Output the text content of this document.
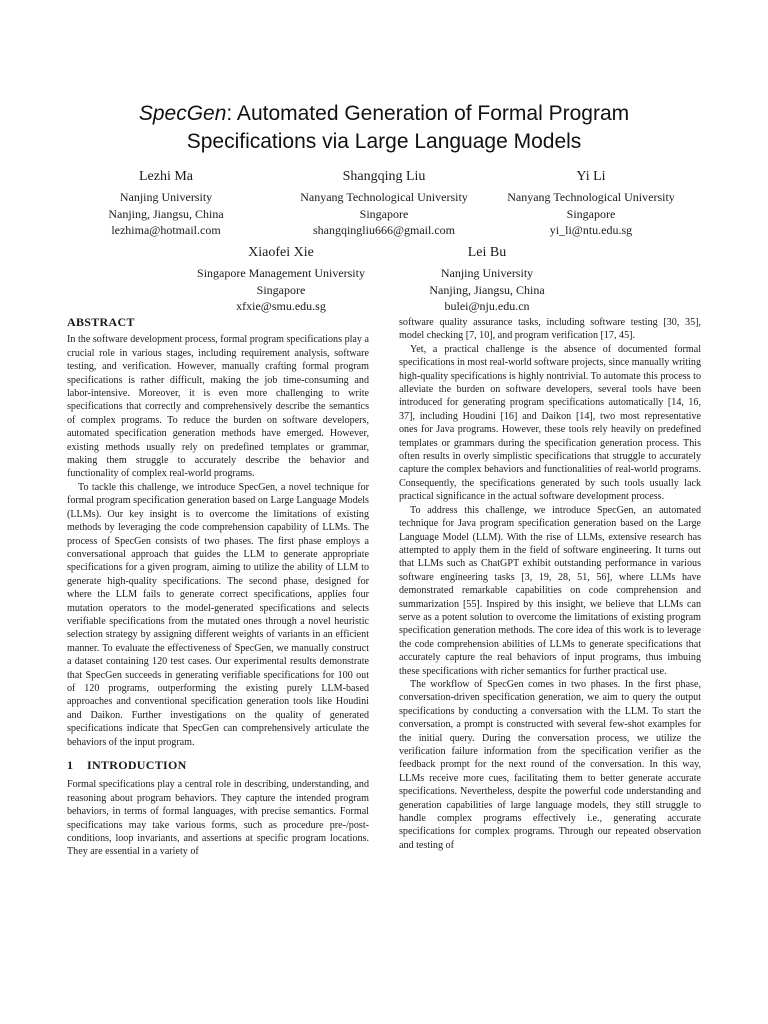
SpecGen: Automated Generation of Formal Program
Specifications via Large Language Models
Lezhi Ma
Nanjing University
Nanjing, Jiangsu, China
lezhima@hotmail.com
Shangqing Liu
Nanyang Technological University
Singapore
shangqingliu666@gmail.com
Yi Li
Nanyang Technological University
Singapore
yi_li@ntu.edu.sg
Xiaofei Xie
Singapore Management University
Singapore
xfxie@smu.edu.sg
Lei Bu
Nanjing University
Nanjing, Jiangsu, China
bulei@nju.edu.cn
ABSTRACT

In the software development process, formal program specifications play a crucial role in various stages, including requirement analysis, software testing, and verification. However, manually crafting formal program specifications is rather difficult, making the job time-consuming and labor-intensive. Moreover, it is even more challenging to write specifications that correctly and comprehensively describe the semantics of complex programs. To reduce the burden on software developers, automated specification generation methods have emerged. However, existing methods usually rely on predefined templates or grammar, making them struggle to accurately describe the behavior and functionality of complex real-world programs.

To tackle this challenge, we introduce SpecGen, a novel technique for formal program specification generation based on Large Language Models (LLMs). Our key insight is to overcome the limitations of existing methods by leveraging the code comprehension capability of LLMs. The process of SpecGen consists of two phases. The first phase employs a conversational approach that guides the LLM to generate appropriate specifications for a given program, aiming to utilize the ability of LLM to generate high-quality specifications. The second phase, designed for where the LLM fails to generate correct specifications, applies four mutation operators to the model-generated specifications and selects verifiable specifications from the mutated ones through a novel heuristic selection strategy by assigning different weights of variants in an efficient manner. To evaluate the effectiveness of SpecGen, we manually construct a dataset containing 120 test cases. Our experimental results demonstrate that SpecGen succeeds in generating verifiable specifications for 100 out of 120 programs, outperforming the existing purely LLM-based approaches and conventional specification generation tools like Houdini and Daikon. Further investigations on the quality of generated specifications indicate that SpecGen can comprehensively articulate the behaviors of the input program.

1 INTRODUCTION

Formal specifications play a central role in describing, understanding, and reasoning about program behaviors. They capture the intended program behaviors, in terms of formal languages, with precise semantics. Formal specifications may take various forms, such as procedure pre-/post-conditions, loop invariants, and assertions at specific program locations. They are essential in a variety of

software quality assurance tasks, including software testing [30, 35], model checking [7, 10], and program verification [17, 45].

Yet, a practical challenge is the absence of documented formal specifications in most real-world software projects, since manually writing high-quality specifications is highly nontrivial. To automate this process to alleviate the burden on software developers, several tools have been introduced for generating program specifications automatically [14, 16, 37], including Houdini [16] and Daikon [14], two most representative ones for Java programs. However, these tools rely heavily on predefined templates or grammars during the specification generation process. This often results in overly simplistic specifications that struggle to accurately capture the complex behaviors and functionalities of real-world programs. Consequently, the specifications generated by such tools usually lack practical significance in the actual software development process.

To address this challenge, we introduce SpecGen, an automated technique for Java program specification generation based on the Large Language Model (LLM). With the rise of LLMs, extensive research has attempted to apply them in the field of software engineering. It turns out that LLMs such as ChatGPT exhibit outstanding performance in various software engineering tasks [3, 19, 28, 51, 56], where LLMs have demonstrated remarkable capabilities on code comprehension and summarization [55]. Inspired by this insight, we believe that LLMs can serve as a potent solution to overcome the limitations of existing program specification generation methods. The core idea of this work is to leverage the code comprehension abilities of LLMs to generate specifications that accurately capture the real behaviors of input programs, thus imbuing these specifications with richer semantics for further practical use.

The workflow of SpecGen comes in two phases. In the first phase, conversation-driven specification generation, we aim to query the output specifications by conducting a conversation with the LLM. To start the conversation, a prompt is constructed with several few-shot examples for the initial query. During the conversation process, we utilize the verification failure information from the specification verifier as the feedback prompt for the next round of the conversation. In this way, LLMs receive more cues, facilitating them to better generate accurate specifications. Nevertheless, despite the powerful code understanding and generation capabilities of large language models, they still struggle to handle complex programs effectively i.e., generating accurate specifications for complex programs. Through our repeated observation and testing of
